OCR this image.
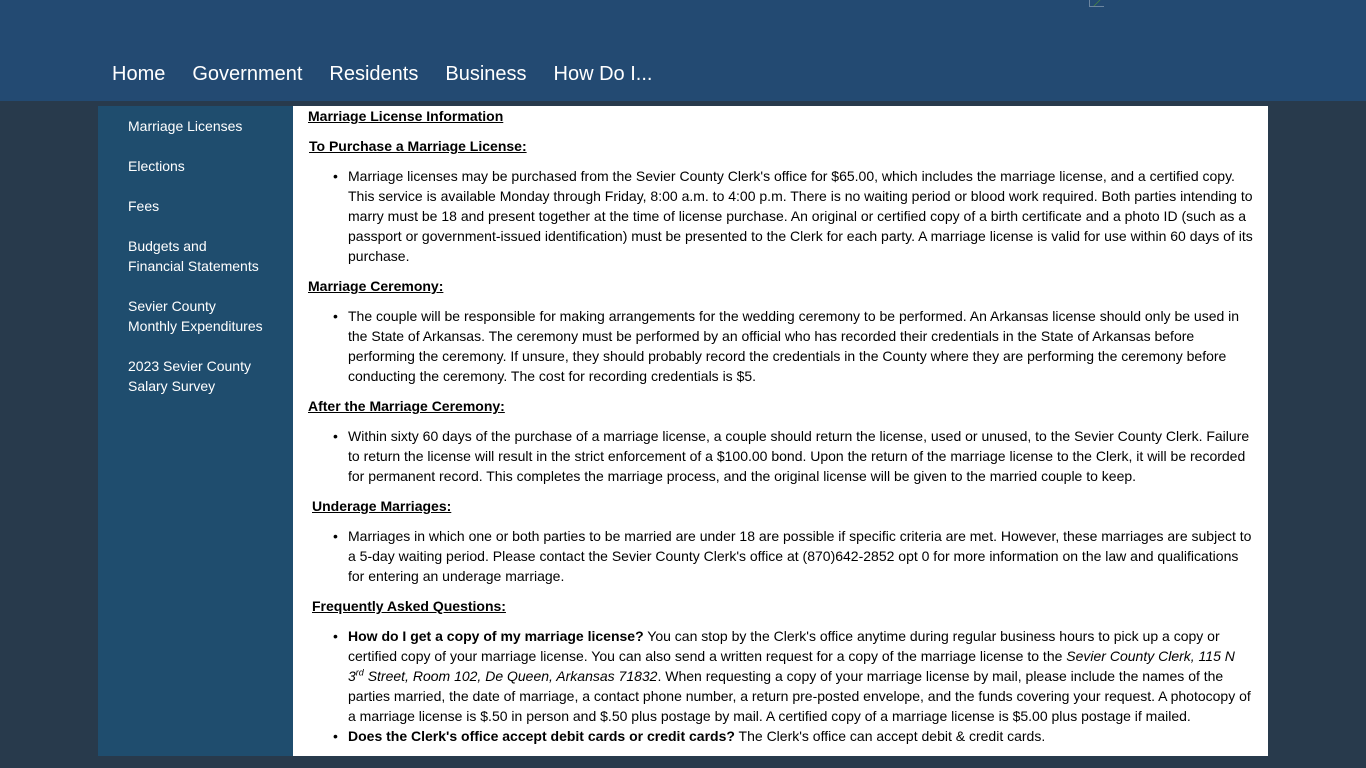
Home Government Residents Business How Do I...
Marriage Licenses
Elections
Fees
Budgets and
Financial Statements
Sevier County
Monthly Expenditures
2023 Sevier County
Salary Survey
Marriage License Information
To Purchase a Marriage License:
• Marriage licenses may be purchased from the Sevier County Clerk's office for $65.00, which includes the marriage license, and a certified copy. This service is available Monday through Friday, 8:00 a.m. to 4:00 p.m. There is no waiting period or blood work required. Both parties intending to marry must be 18 and present together at the time of license purchase. An original or certified copy of a birth certificate and a photo ID (such as a passport or government-issued identification) must be presented to the Clerk for each party. A marriage license is valid for use within 60 days of its purchase.
Marriage Ceremony:
• The couple will be responsible for making arrangements for the wedding ceremony to be performed. An Arkansas license should only be used in the State of Arkansas. The ceremony must be performed by an official who has recorded their credentials in the State of Arkansas before performing the ceremony. If unsure, they should probably record the credentials in the County where they are performing the ceremony before conducting the ceremony. The cost for recording credentials is $5.
After the Marriage Ceremony:
• Within sixty 60 days of the purchase of a marriage license, a couple should return the license, used or unused, to the Sevier County Clerk. Failure to return the license will result in the strict enforcement of a $100.00 bond. Upon the return of the marriage license to the Clerk, it will be recorded for permanent record. This completes the marriage process, and the original license will be given to the married couple to keep.
Underage Marriages:
• Marriages in which one or both parties to be married are under 18 are possible if specific criteria are met. However, these marriages are subject to a 5-day waiting period. Please contact the Sevier County Clerk's office at (870)642-2852 opt 0 for more information on the law and qualifications for entering an underage marriage.
Frequently Asked Questions:
• How do I get a copy of my marriage license? You can stop by the Clerk's office anytime during regular business hours to pick up a copy or certified copy of your marriage license. You can also send a written request for a copy of the marriage license to the Sevier County Clerk, 115 N 3rd Street, Room 102, De Queen, Arkansas 71832. When requesting a copy of your marriage license by mail, please include the names of the parties married, the date of marriage, a contact phone number, a return pre-posted envelope, and the funds covering your request. A photocopy of a marriage license is $.50 in person and $.50 plus postage by mail. A certified copy of a marriage license is $5.00 plus postage if mailed.
• Does the Clerk's office accept debit cards or credit cards? The Clerk's office can accept debit & credit cards.
